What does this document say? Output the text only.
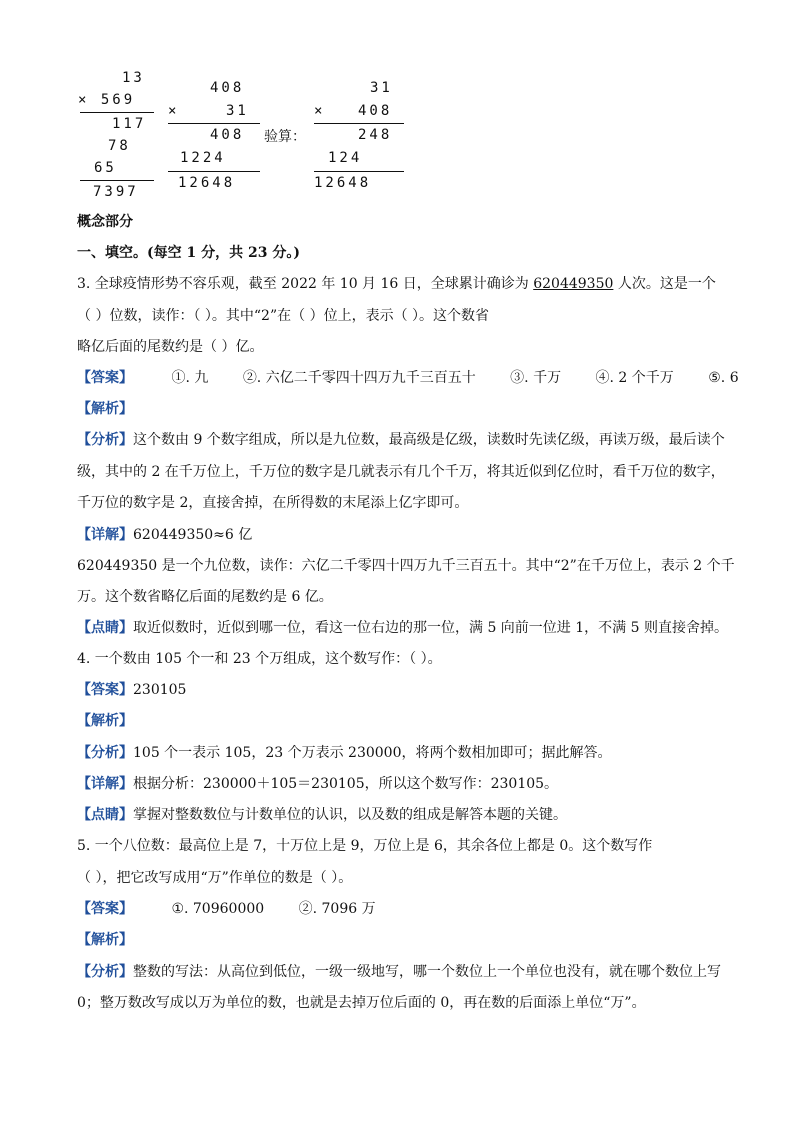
13
× 569
117
78
65
7397
408
×	31
408
1224
12648
验算：
31
× 408
248
124
12648
概念部分
一、填空。(每空 1 分，共 23 分。)
3. 全球疫情形势不容乐观，截至 2022 年 10 月 16 日，全球累计确诊为 620449350 人次。这是一个
（ ）位数，读作：（ ）。其中“2”在（ ）位上，表示（ ）。这个数省
略亿后面的尾数约是（ ）亿。
【答案】	①. 九 ②. 六亿二千零四十四万九千三百五十 ③. 千万 ④. 2 个千万 ⑤. 6
【解析】
【分析】这个数由 9 个数字组成，所以是九位数，最高级是亿级，读数时先读亿级，再读万级，最后读个
级，其中的 2 在千万位上，千万位的数字是几就表示有几个千万，将其近似到亿位时，看千万位的数字，
千万位的数字是 2，直接舍掉，在所得数的末尾添上亿字即可。
【详解】620449350≈6 亿
620449350 是一个九位数，读作：六亿二千零四十四万九千三百五十。其中“2”在千万位上，表示 2 个千
万。这个数省略亿后面的尾数约是 6 亿。
【点睛】取近似数时，近似到哪一位，看这一位右边的那一位，满 5 向前一位进 1，不满 5 则直接舍掉。
4. 一个数由 105 个一和 23 个万组成，这个数写作：（ ）。
【答案】230105
【解析】
【分析】105 个一表示 105，23 个万表示 230000，将两个数相加即可；据此解答。
【详解】根据分析：230000＋105＝230105，所以这个数写作：230105。
【点睛】掌握对整数数位与计数单位的认识，以及数的组成是解答本题的关键。
5. 一个八位数：最高位上是 7，十万位上是 9，万位上是 6，其余各位上都是 0。这个数写作
（ ），把它改写成用“万”作单位的数是（ ）。
【答案】	①. 70960000 ②. 7096 万
【解析】
【分析】整数的写法：从高位到低位，一级一级地写，哪一个数位上一个单位也没有，就在哪个数位上写
0；整万数改写成以万为单位的数，也就是去掉万位后面的 0，再在数的后面添上单位“万”。
